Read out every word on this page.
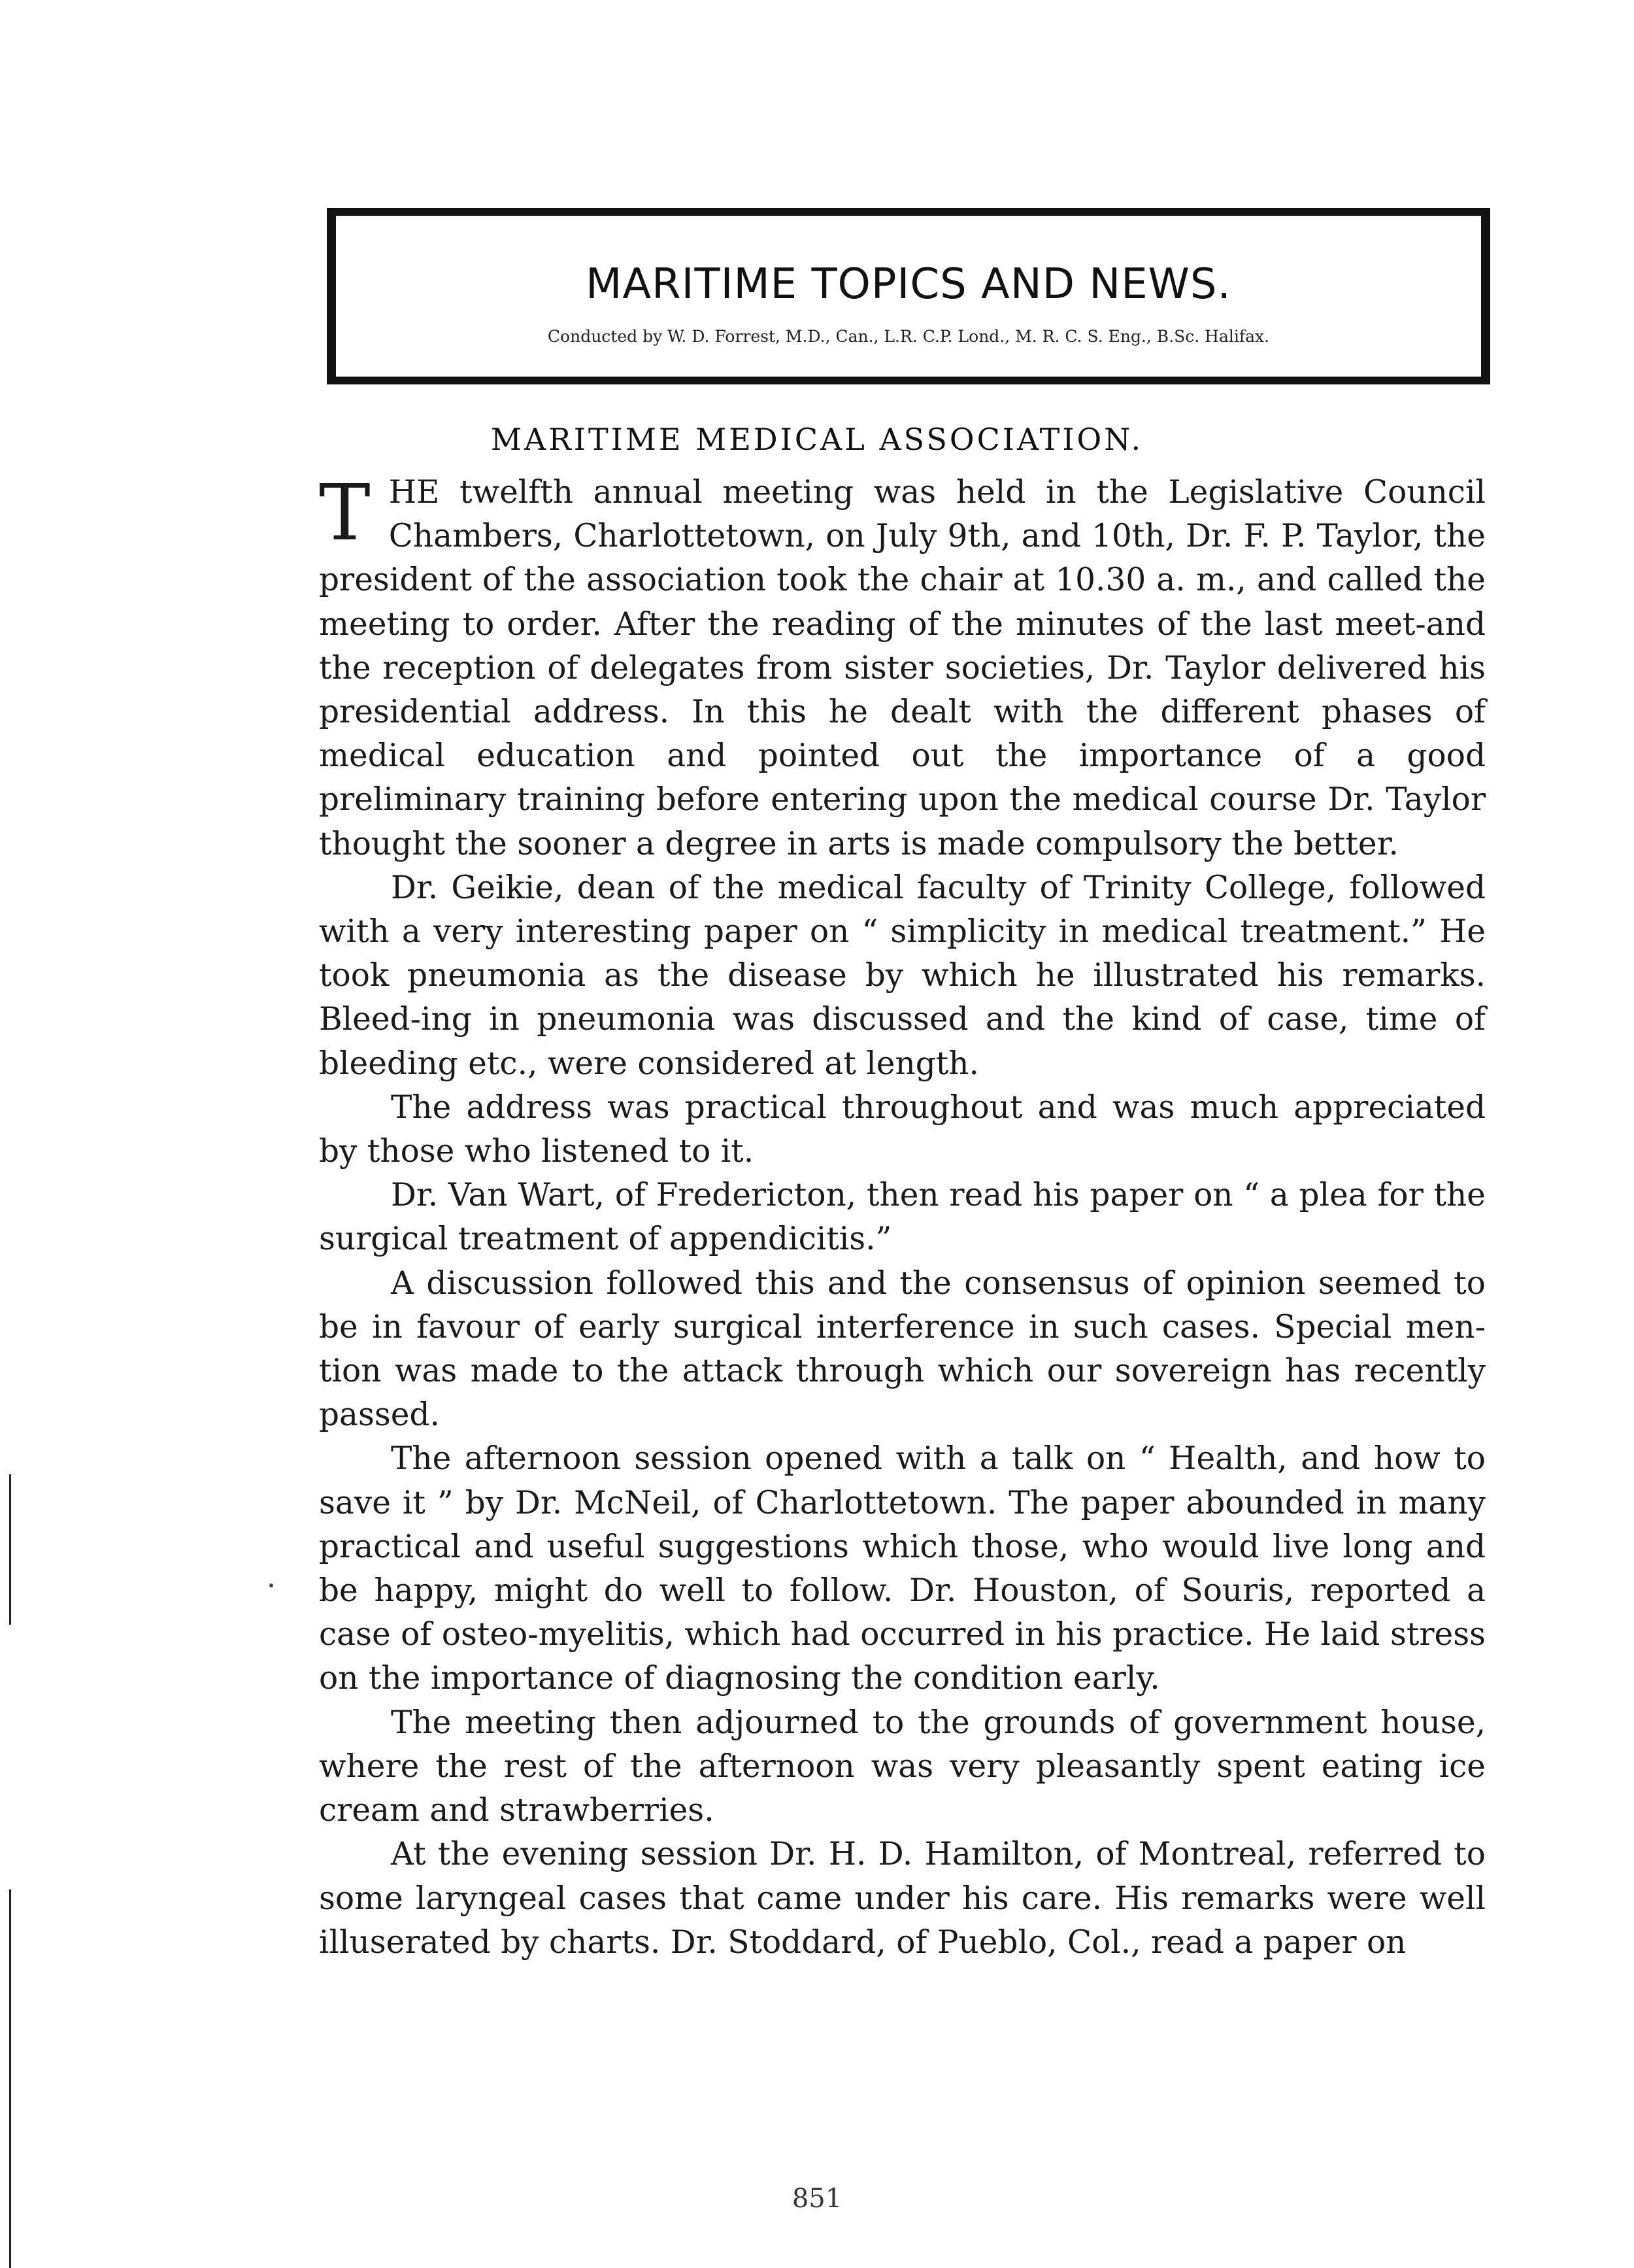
MARITIME TOPICS AND NEWS.
Conducted by W. D. Forrest, M.D., Can., L.R. C.P. Lond., M. R. C. S. Eng., B.Sc. Halifax.
MARITIME MEDICAL ASSOCIATION.

T HE twelfth annual meeting was held in the Legislative Council Chambers, Charlottetown, on July 9th, and 10th, Dr. F. P. Taylor, the president of the association took the chair at 10.30 a. m., and called the meeting to order. After the reading of the minutes of the last meet-and the reception of delegates from sister societies, Dr. Taylor delivered his presidential address. In this he dealt with the different phases of medical education and pointed out the importance of a good preliminary training before entering upon the medical course Dr. Taylor thought the sooner a degree in arts is made compulsory the better.

Dr. Geikie, dean of the medical faculty of Trinity College, followed with a very interesting paper on “ simplicity in medical treatment.” He took pneumonia as the disease by which he illustrated his remarks. Bleed-ing in pneumonia was discussed and the kind of case, time of bleeding etc., were considered at length.

The address was practical throughout and was much appreciated by those who listened to it.

Dr. Van Wart, of Fredericton, then read his paper on “ a plea for the surgical treatment of appendicitis.”

A discussion followed this and the consensus of opinion seemed to be in favour of early surgical interference in such cases. Special men-tion was made to the attack through which our sovereign has recently passed.

The afternoon session opened with a talk on “ Health, and how to save it ” by Dr. McNeil, of Charlottetown. The paper abounded in many practical and useful suggestions which those, who would live long and be happy, might do well to follow. Dr. Houston, of Souris, reported a case of osteo-myelitis, which had occurred in his practice. He laid stress on the importance of diagnosing the condition early.

The meeting then adjourned to the grounds of government house, where the rest of the afternoon was very pleasantly spent eating ice cream and strawberries.

At the evening session Dr. H. D. Hamilton, of Montreal, referred to some laryngeal cases that came under his care. His remarks were well illuserated by charts. Dr. Stoddard, of Pueblo, Col., read a paper on

851
